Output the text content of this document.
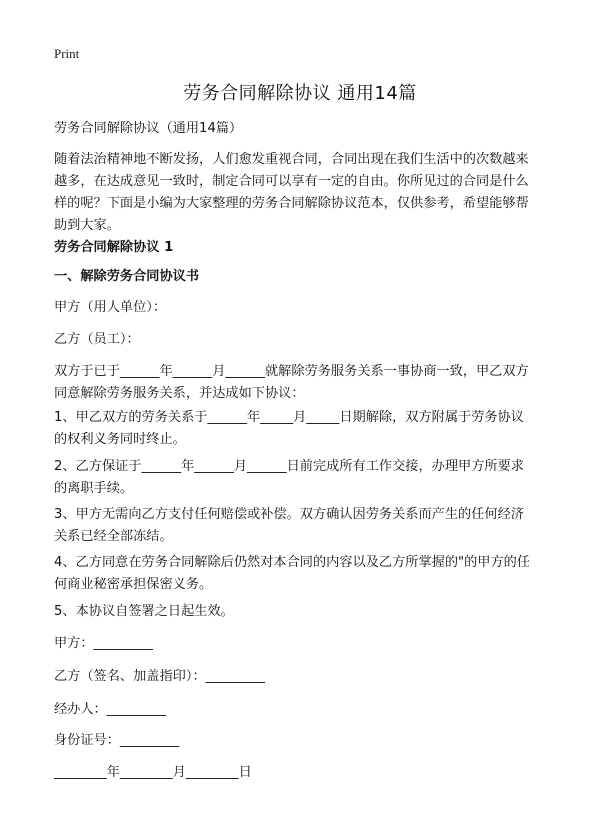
Print
劳务合同解除协议 通用14篇
劳务合同解除协议（通用14篇）
随着法治精神地不断发扬，人们愈发重视合同，合同出现在我们生活中的次数越来
越多，在达成意见一致时，制定合同可以享有一定的自由。你所见过的合同是什么
样的呢？下面是小编为大家整理的劳务合同解除协议范本，仅供参考，希望能够帮
助到大家。
劳务合同解除协议 1
一、解除劳务合同协议书
甲方（用人单位）：
乙方（员工）：
双方于已于______年______月______就解除劳务服务关系一事协商一致，甲乙双方
同意解除劳务服务关系，并达成如下协议：
1、甲乙双方的劳务关系于______年_____月_____日期解除，双方附属于劳务协议
的权利义务同时终止。
2、乙方保证于______年______月______日前完成所有工作交接，办理甲方所要求
的离职手续。
3、甲方无需向乙方支付任何赔偿或补偿。双方确认因劳务关系而产生的任何经济
关系已经全部冻结。
4、乙方同意在劳务合同解除后仍然对本合同的内容以及乙方所掌握的"的甲方的任
何商业秘密承担保密义务。
5、本协议自签署之日起生效。
甲方：_________
乙方（签名、加盖指印）：_________
经办人：_________
身份证号：_________
________年________月________日
